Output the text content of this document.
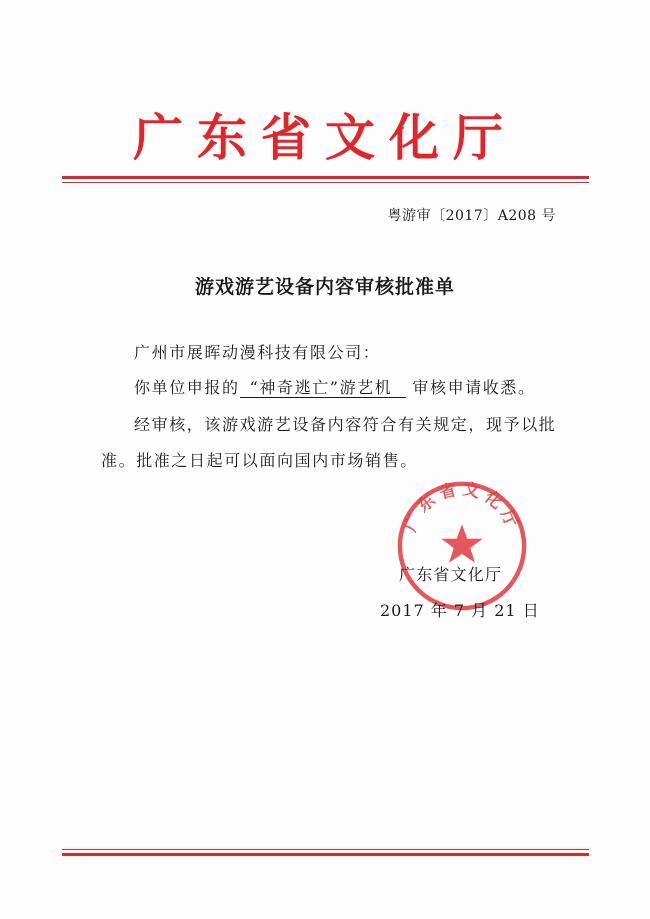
广东省文化厅
粤游审〔2017〕A208 号
游戏游艺设备内容审核批准单
广州市展晖动漫科技有限公司：
你单位申报的 “神奇逃亡”游艺机 审核申请收悉。
经审核，该游戏游艺设备内容符合有关规定，现予以批
准。批准之日起可以面向国内市场销售。
广东省文化厅
广东省文化厅
2017 年 7 月 21 日
